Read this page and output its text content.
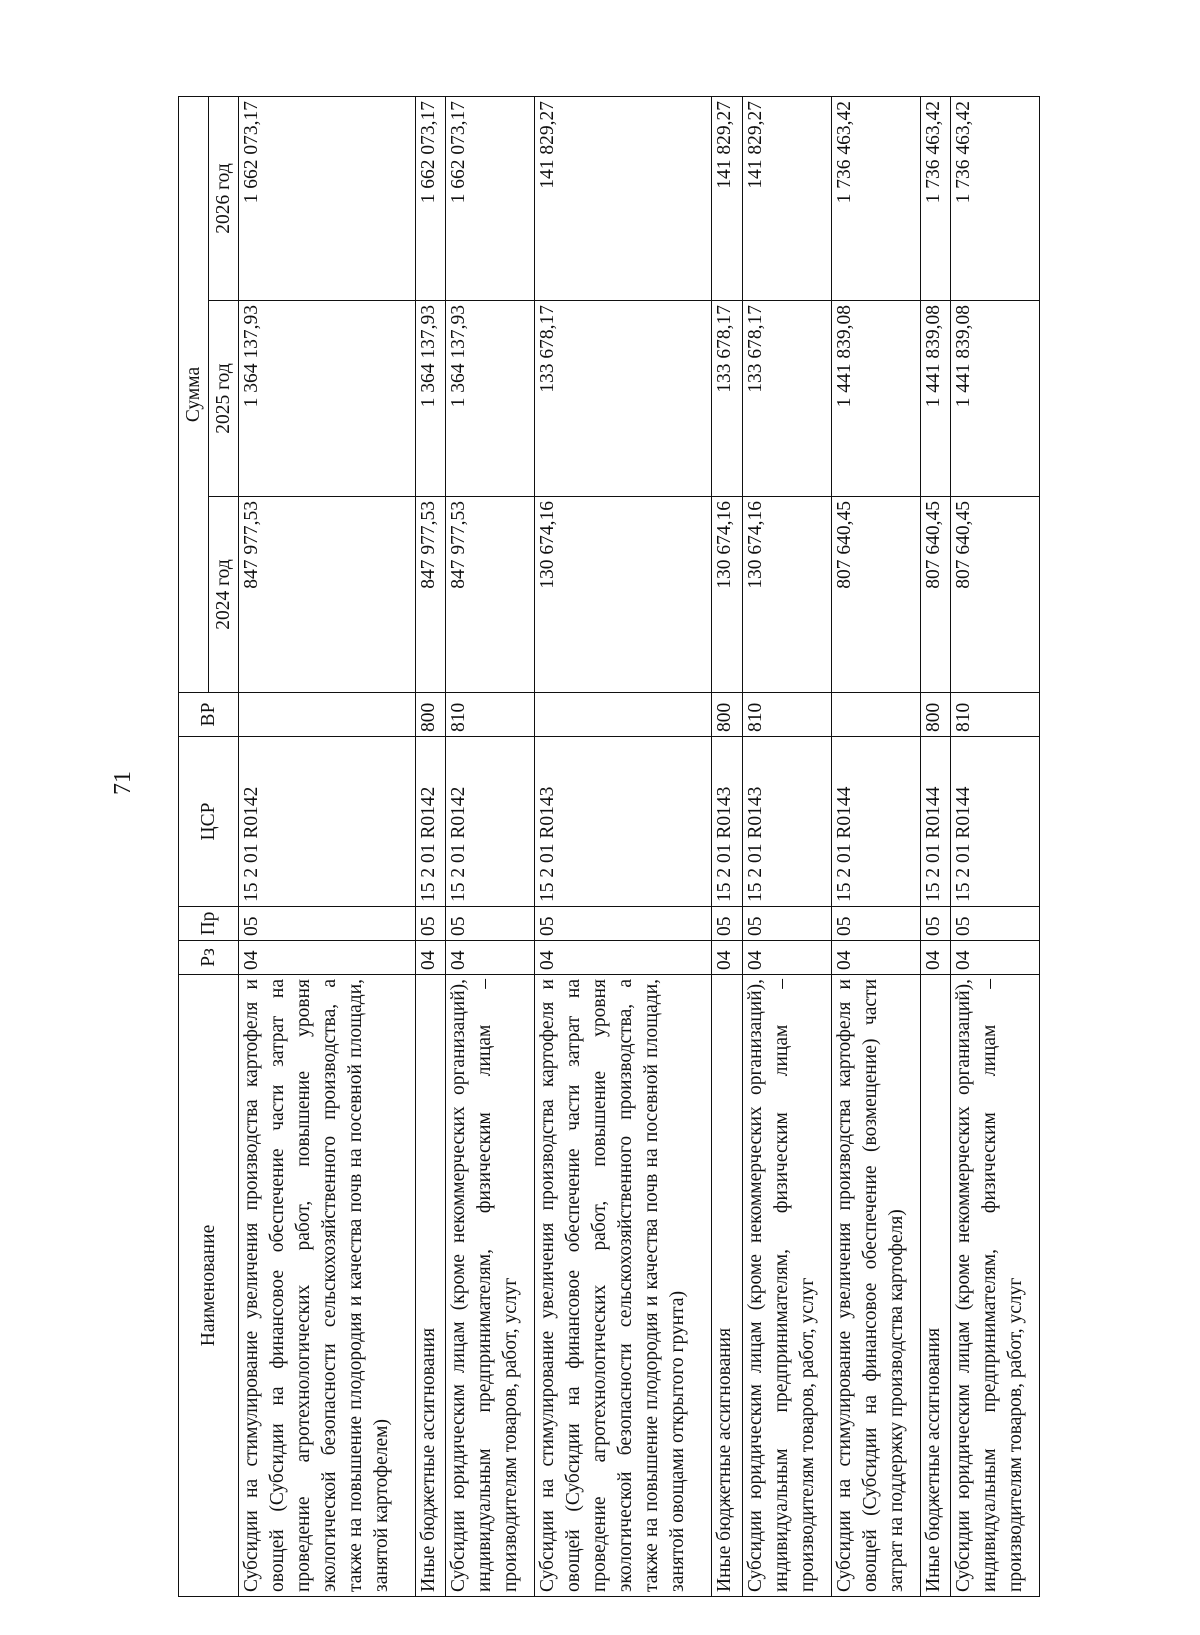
71
Наименование	Рз	Пр	ЦСР	ВР	Сумма		
					2024 год	2025 год	2026 год
Субсидии на стимулирование увеличения производства картофеля и овощей (Субсидии на финансовое обеспечение части затрат на проведение агротехнологических работ, повышение уровня экологической безопасности сельскохозяйственного производства, а также на повышение плодородия и качества почв на посевной площади, занятой картофелем)	04	05	15 2 01 R0142		847 977,53	1 364 137,93	1 662 073,17
Иные бюджетные ассигнования	04	05	15 2 01 R0142	800	847 977,53	1 364 137,93	1 662 073,17
Субсидии юридическим лицам (кроме некоммерческих организаций), индивидуальным предпринимателям, физическим лицам – производителям товаров, работ, услуг	04	05	15 2 01 R0142	810	847 977,53	1 364 137,93	1 662 073,17
Субсидии на стимулирование увеличения производства картофеля и овощей (Субсидии на финансовое обеспечение части затрат на проведение агротехнологических работ, повышение уровня экологической безопасности сельскохозяйственного производства, а также на повышение плодородия и качества почв на посевной площади, занятой овощами открытого грунта)	04	05	15 2 01 R0143		130 674,16	133 678,17	141 829,27
Иные бюджетные ассигнования	04	05	15 2 01 R0143	800	130 674,16	133 678,17	141 829,27
Субсидии юридическим лицам (кроме некоммерческих организаций), индивидуальным предпринимателям, физическим лицам – производителям товаров, работ, услуг	04	05	15 2 01 R0143	810	130 674,16	133 678,17	141 829,27
Субсидии на стимулирование увеличения производства картофеля и овощей (Субсидии на финансовое обеспечение (возмещение) части затрат на поддержку производства картофеля)	04	05	15 2 01 R0144		807 640,45	1 441 839,08	1 736 463,42
Иные бюджетные ассигнования	04	05	15 2 01 R0144	800	807 640,45	1 441 839,08	1 736 463,42
Субсидии юридическим лицам (кроме некоммерческих организаций), индивидуальным предпринимателям, физическим лицам – производителям товаров, работ, услуг	04	05	15 2 01 R0144	810	807 640,45	1 441 839,08	1 736 463,42
